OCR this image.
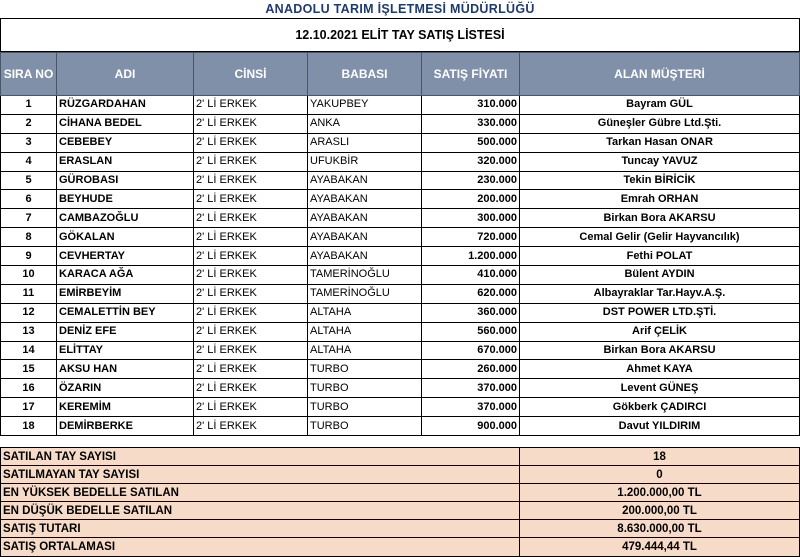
ANADOLU TARIM İŞLETMESİ MÜDÜRLÜĞÜ
12.10.2021 ELİT TAY SATIŞ LİSTESİ
SIRA NO	ADI	CİNSİ	BABASI	SATIŞ FİYATI	ALAN MÜŞTERİ
1	RÜZGARDAHAN	2' Lİ ERKEK	YAKUPBEY	310.000	Bayram GÜL
2	CİHANA BEDEL	2' Lİ ERKEK	ANKA	330.000	Güneşler Gübre Ltd.Şti.
3	CEBEBEY	2' Lİ ERKEK	ARASLI	500.000	Tarkan Hasan ONAR
4	ERASLAN	2' Lİ ERKEK	UFUKBİR	320.000	Tuncay YAVUZ
5	GÜROBASI	2' Lİ ERKEK	AYABAKAN	230.000	Tekin BİRİCİK
6	BEYHUDE	2' Lİ ERKEK	AYABAKAN	200.000	Emrah ORHAN
7	CAMBAZOĞLU	2' Lİ ERKEK	AYABAKAN	300.000	Birkan Bora AKARSU
8	GÖKALAN	2' Lİ ERKEK	AYABAKAN	720.000	Cemal Gelir (Gelir Hayvancılık)
9	CEVHERTAY	2' Lİ ERKEK	AYABAKAN	1.200.000	Fethi POLAT
10	KARACA AĞA	2' Lİ ERKEK	TAMERİNOĞLU	410.000	Bülent AYDIN
11	EMİRBEYİM	2' Lİ ERKEK	TAMERİNOĞLU	620.000	Albayraklar Tar.Hayv.A.Ş.
12	CEMALETTİN BEY	2' Lİ ERKEK	ALTAHA	360.000	DST POWER LTD.ŞTİ.
13	DENİZ EFE	2' Lİ ERKEK	ALTAHA	560.000	Arif ÇELİK
14	ELİTTAY	2' Lİ ERKEK	ALTAHA	670.000	Birkan Bora AKARSU
15	AKSU HAN	2' Lİ ERKEK	TURBO	260.000	Ahmet KAYA
16	ÖZARIN	2' Lİ ERKEK	TURBO	370.000	Levent GÜNEŞ
17	KEREMİM	2' Lİ ERKEK	TURBO	370.000	Gökberk ÇADIRCI
18	DEMİRBERKE	2' Lİ ERKEK	TURBO	900.000	Davut YILDIRIM
SATILAN TAY SAYISI	18
SATILMAYAN TAY SAYISI	0
EN YÜKSEK BEDELLE SATILAN	1.200.000,00 TL
EN DÜŞÜK BEDELLE SATILAN	200.000,00 TL
SATIŞ TUTARI	8.630.000,00 TL
SATIŞ ORTALAMASI	479.444,44 TL
